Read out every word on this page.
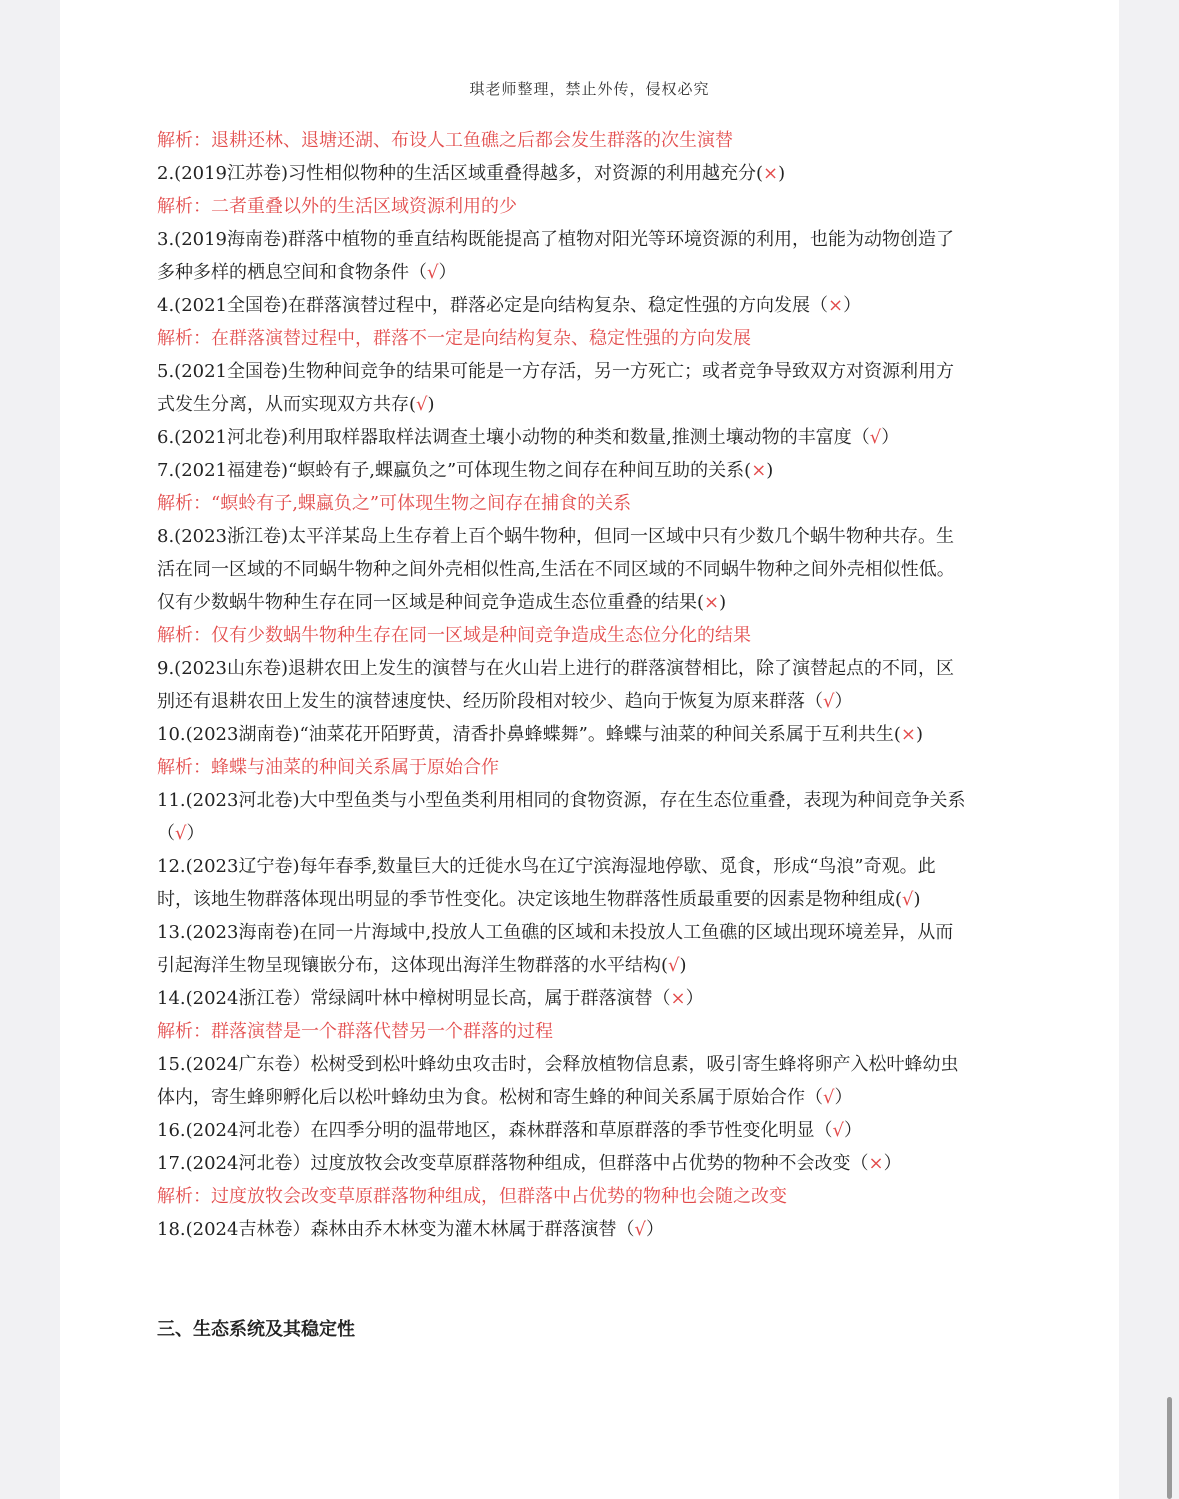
琪老师整理，禁止外传，侵权必究
解析：退耕还林、退塘还湖、布设人工鱼礁之后都会发生群落的次生演替
2.(2019江苏卷)习性相似物种的生活区域重叠得越多，对资源的利用越充分(×)
解析：二者重叠以外的生活区域资源利用的少
3.(2019海南卷)群落中植物的垂直结构既能提高了植物对阳光等环境资源的利用，也能为动物创造了
多种多样的栖息空间和食物条件（√）
4.(2021全国卷)在群落演替过程中，群落必定是向结构复杂、稳定性强的方向发展（×）
解析：在群落演替过程中，群落不一定是向结构复杂、稳定性强的方向发展
5.(2021全国卷)生物种间竞争的结果可能是一方存活，另一方死亡；或者竞争导致双方对资源利用方
式发生分离，从而实现双方共存(√)
6.(2021河北卷)利用取样器取样法调查土壤小动物的种类和数量,推测土壤动物的丰富度（√）
7.(2021福建卷)“螟蛉有子,蜾蠃负之”可体现生物之间存在种间互助的关系(×)
解析：“螟蛉有子,蜾蠃负之”可体现生物之间存在捕食的关系
8.(2023浙江卷)太平洋某岛上生存着上百个蜗牛物种，但同一区域中只有少数几个蜗牛物种共存。生
活在同一区域的不同蜗牛物种之间外壳相似性高,生活在不同区域的不同蜗牛物种之间外壳相似性低。
仅有少数蜗牛物种生存在同一区域是种间竞争造成生态位重叠的结果(×)
解析：仅有少数蜗牛物种生存在同一区域是种间竞争造成生态位分化的结果
9.(2023山东卷)退耕农田上发生的演替与在火山岩上进行的群落演替相比，除了演替起点的不同，区
别还有退耕农田上发生的演替速度快、经历阶段相对较少、趋向于恢复为原来群落（√）
10.(2023湖南卷)“油菜花开陌野黄，清香扑鼻蜂蝶舞”。蜂蝶与油菜的种间关系属于互利共生(×)
解析：蜂蝶与油菜的种间关系属于原始合作
11.(2023河北卷)大中型鱼类与小型鱼类利用相同的食物资源，存在生态位重叠，表现为种间竞争关系
（√）
12.(2023辽宁卷)每年春季,数量巨大的迁徙水鸟在辽宁滨海湿地停歇、觅食，形成“鸟浪”奇观。此
时，该地生物群落体现出明显的季节性变化。决定该地生物群落性质最重要的因素是物种组成(√)
13.(2023海南卷)在同一片海域中,投放人工鱼礁的区域和未投放人工鱼礁的区域出现环境差异，从而
引起海洋生物呈现镶嵌分布，这体现出海洋生物群落的水平结构(√)
14.(2024浙江卷）常绿阔叶林中樟树明显长高，属于群落演替（×）
解析：群落演替是一个群落代替另一个群落的过程
15.(2024广东卷）松树受到松叶蜂幼虫攻击时，会释放植物信息素，吸引寄生蜂将卵产入松叶蜂幼虫
体内，寄生蜂卵孵化后以松叶蜂幼虫为食。松树和寄生蜂的种间关系属于原始合作（√）
16.(2024河北卷）在四季分明的温带地区，森林群落和草原群落的季节性变化明显（√）
17.(2024河北卷）过度放牧会改变草原群落物种组成，但群落中占优势的物种不会改变（×）
解析：过度放牧会改变草原群落物种组成，但群落中占优势的物种也会随之改变
18.(2024吉林卷）森林由乔木林变为灌木林属于群落演替（√）
三、生态系统及其稳定性
